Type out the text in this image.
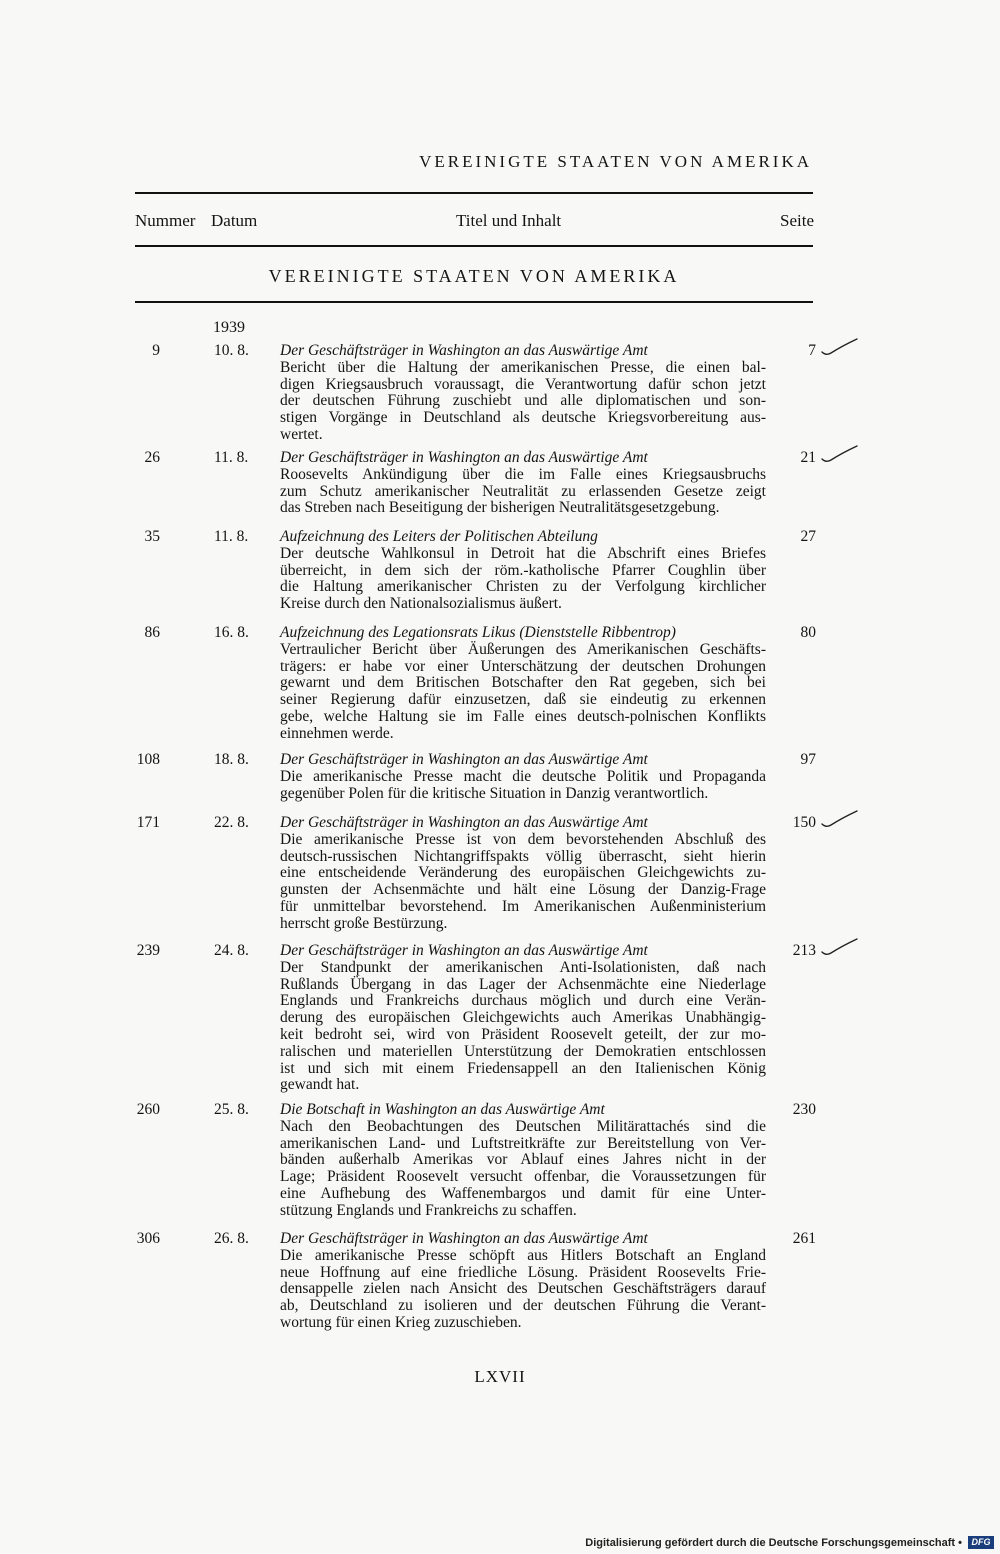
VEREINIGTE STAATEN VON AMERIKA
Nummer Datum	Titel und Inhalt	Seite
VEREINIGTE STAATEN VON AMERIKA
1939
9	10. 8. Der Geschäftsträger in Washington an das Auswärtige Amt
Bericht über die Haltung der amerikanischen Presse, die einen bal-
digen Kriegsausbruch voraussagt, die Verantwortung dafür schon jetzt
der deutschen Führung zuschiebt und alle diplomatischen und son-
stigen Vorgänge in Deutschland als deutsche Kriegsvorbereitung aus-
wertet.
7
26	11. 8. Der Geschäftsträger in Washington an das Auswärtige Amt
Roosevelts Ankündigung über die im Falle eines Kriegsausbruchs
zum Schutz amerikanischer Neutralität zu erlassenden Gesetze zeigt
das Streben nach Beseitigung der bisherigen Neutralitätsgesetzgebung.
21
35	11. 8. Aufzeichnung des Leiters der Politischen Abteilung
Der deutsche Wahlkonsul in Detroit hat die Abschrift eines Briefes
überreicht, in dem sich der röm.-katholische Pfarrer Coughlin über
die Haltung amerikanischer Christen zu der Verfolgung kirchlicher
Kreise durch den Nationalsozialismus äußert.
27
86	16. 8. Aufzeichnung des Legationsrats Likus (Dienststelle Ribbentrop)
Vertraulicher Bericht über Äußerungen des Amerikanischen Geschäfts-
trägers: er habe vor einer Unterschätzung der deutschen Drohungen
gewarnt und dem Britischen Botschafter den Rat gegeben, sich bei
seiner Regierung dafür einzusetzen, daß sie eindeutig zu erkennen
gebe, welche Haltung sie im Falle eines deutsch-polnischen Konflikts
einnehmen werde.
80
108	18. 8. Der Geschäftsträger in Washington an das Auswärtige Amt
Die amerikanische Presse macht die deutsche Politik und Propaganda
gegenüber Polen für die kritische Situation in Danzig verantwortlich.
97
171	22. 8. Der Geschäftsträger in Washington an das Auswärtige Amt
Die amerikanische Presse ist von dem bevorstehenden Abschluß des
deutsch-russischen Nichtangriffspakts völlig überrascht, sieht hierin
eine entscheidende Veränderung des europäischen Gleichgewichts zu-
gunsten der Achsenmächte und hält eine Lösung der Danzig-Frage
für unmittelbar bevorstehend. Im Amerikanischen Außenministerium
herrscht große Bestürzung.
150
239	24. 8. Der Geschäftsträger in Washington an das Auswärtige Amt
Der Standpunkt der amerikanischen Anti-Isolationisten, daß nach
Rußlands Übergang in das Lager der Achsenmächte eine Niederlage
Englands und Frankreichs durchaus möglich und durch eine Verän-
derung des europäischen Gleichgewichts auch Amerikas Unabhängig-
keit bedroht sei, wird von Präsident Roosevelt geteilt, der zur mo-
ralischen und materiellen Unterstützung der Demokratien entschlossen
ist und sich mit einem Friedensappell an den Italienischen König
gewandt hat.
213
260	25. 8. Die Botschaft in Washington an das Auswärtige Amt
Nach den Beobachtungen des Deutschen Militärattachés sind die
amerikanischen Land- und Luftstreitkräfte zur Bereitstellung von Ver-
bänden außerhalb Amerikas vor Ablauf eines Jahres nicht in der
Lage; Präsident Roosevelt versucht offenbar, die Voraussetzungen für
eine Aufhebung des Waffenembargos und damit für eine Unter-
stützung Englands und Frankreichs zu schaffen.
230
306	26. 8. Der Geschäftsträger in Washington an das Auswärtige Amt
Die amerikanische Presse schöpft aus Hitlers Botschaft an England
neue Hoffnung auf eine friedliche Lösung. Präsident Roosevelts Frie-
densappelle zielen nach Ansicht des Deutschen Geschäftsträgers darauf
ab, Deutschland zu isolieren und der deutschen Führung die Verant-
wortung für einen Krieg zuzuschieben.
261
LXVII
Digitalisierung gefördert durch die Deutsche Forschungsgemeinschaft •	DFG
